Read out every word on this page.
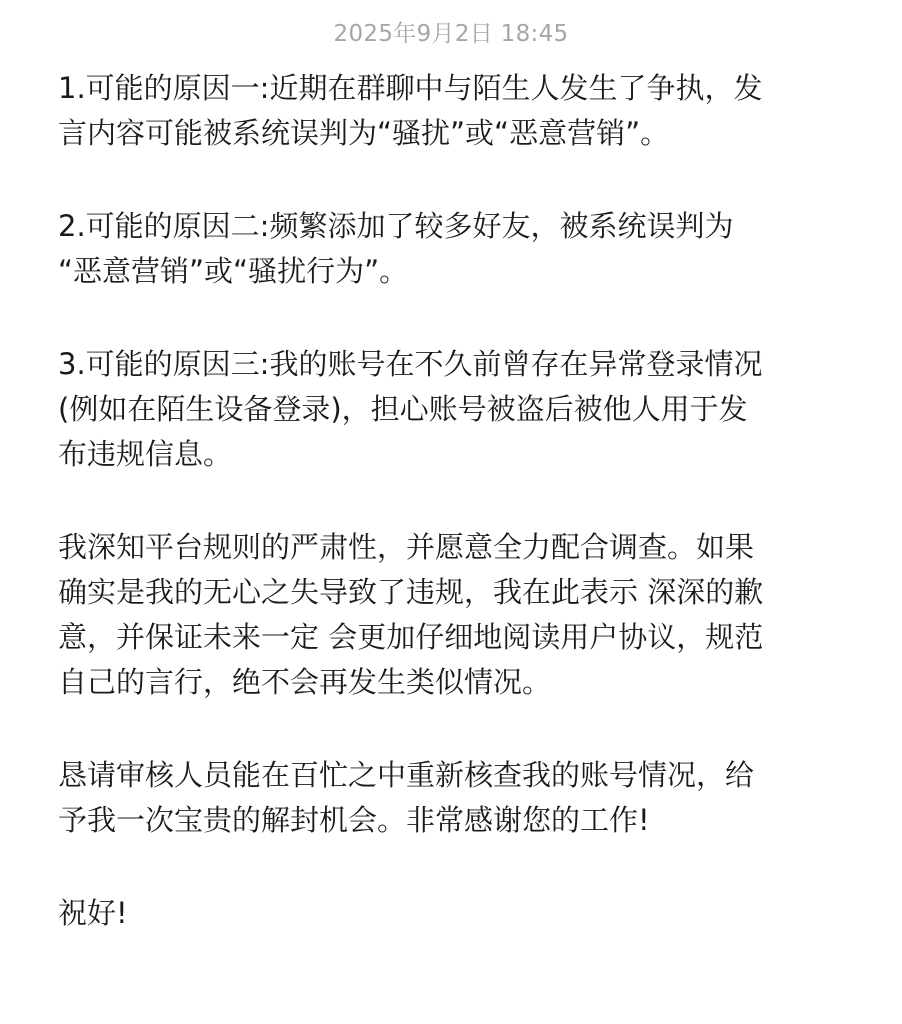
2025年9月2日 18:45
1.可能的原因一:近期在群聊中与陌生人发生了争执，发
言内容可能被系统误判为“骚扰”或“恶意营销”。
2.可能的原因二:频繁添加了较多好友，被系统误判为
“恶意营销”或“骚扰行为”。
3.可能的原因三:我的账号在不久前曾存在异常登录情况
(例如在陌生设备登录)，担心账号被盗后被他人用于发
布违规信息。
我深知平台规则的严肃性，并愿意全力配合调查。如果
确实是我的无心之失导致了违规，我在此表示 深深的歉
意，并保证未来一定 会更加仔细地阅读用户协议，规范
自己的言行，绝不会再发生类似情况。
恳请审核人员能在百忙之中重新核查我的账号情况，给
予我一次宝贵的解封机会。非常感谢您的工作!
祝好!
